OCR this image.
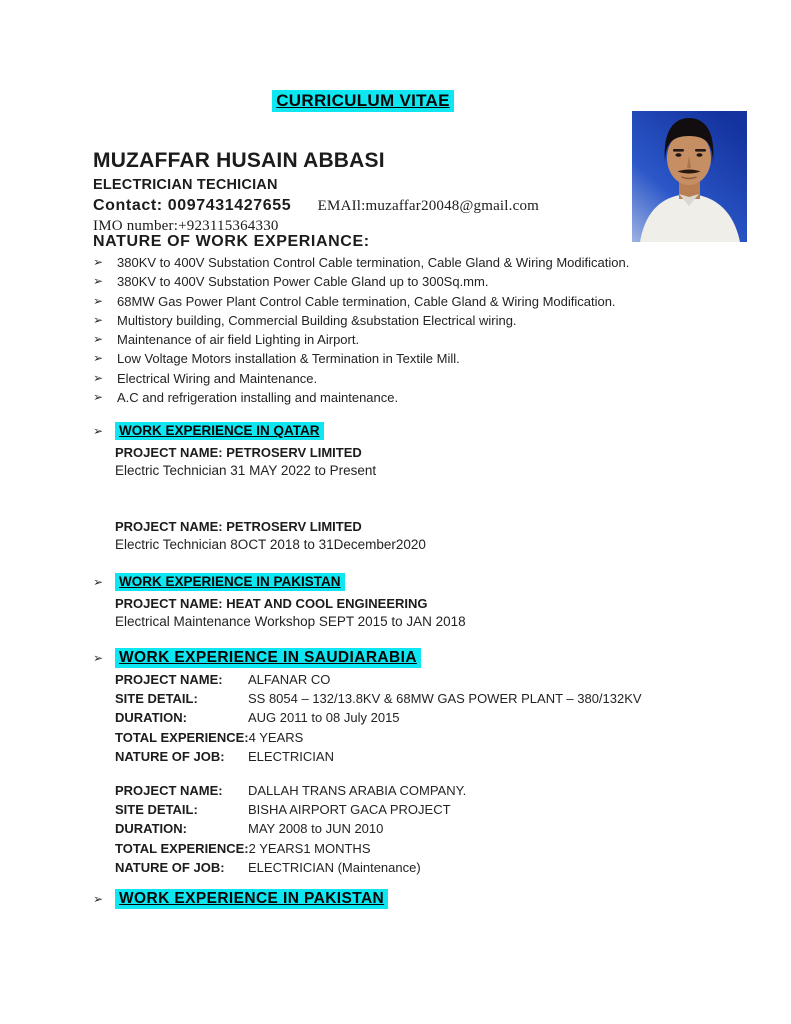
CURRICULUM VITAE
MUZAFFAR HUSAIN ABBASI
ELECTRICIAN TECHICIAN
Contact: 0097431427655 EMAIl:muzaffar20048@gmail.com
IMO number:+923115364330
NATURE OF WORK EXPERIANCE:
➢	380KV to 400V Substation Control Cable termination, Cable Gland & Wiring Modification.
➢	380KV to 400V Substation Power Cable Gland up to 300Sq.mm.
➢	68MW Gas Power Plant Control Cable termination, Cable Gland & Wiring Modification.
➢	Multistory building, Commercial Building &substation Electrical wiring.
➢	Maintenance of air field Lighting in Airport.
➢	Low Voltage Motors installation & Termination in Textile Mill.
➢	Electrical Wiring and Maintenance.
➢	A.C and refrigeration installing and maintenance.
➢	WORK EXPERIENCE IN QATAR
PROJECT NAME: PETROSERV LIMITED
Electric Technician 31 MAY 2022 to Present
PROJECT NAME: PETROSERV LIMITED
Electric Technician 8OCT 2018 to 31December2020
➢	WORK EXPERIENCE IN PAKISTAN
PROJECT NAME: HEAT AND COOL ENGINEERING
Electrical Maintenance Workshop SEPT 2015 to JAN 2018
➢	WORK EXPERIENCE IN SAUDIARABIA
PROJECT NAME:	ALFANAR CO
SITE DETAIL:	SS 8054 – 132/13.8KV & 68MW GAS POWER PLANT – 380/132KV
DURATION:	AUG 2011 to 08 July 2015
TOTAL EXPERIENCE: 4 YEARS
NATURE OF JOB:	ELECTRICIAN
PROJECT NAME:	DALLAH TRANS ARABIA COMPANY.
SITE DETAIL:	BISHA AIRPORT GACA PROJECT
DURATION:	MAY 2008 to JUN 2010
TOTAL EXPERIENCE: 2 YEARS1 MONTHS
NATURE OF JOB:	ELECTRICIAN (Maintenance)
➢	WORK EXPERIENCE IN PAKISTAN
